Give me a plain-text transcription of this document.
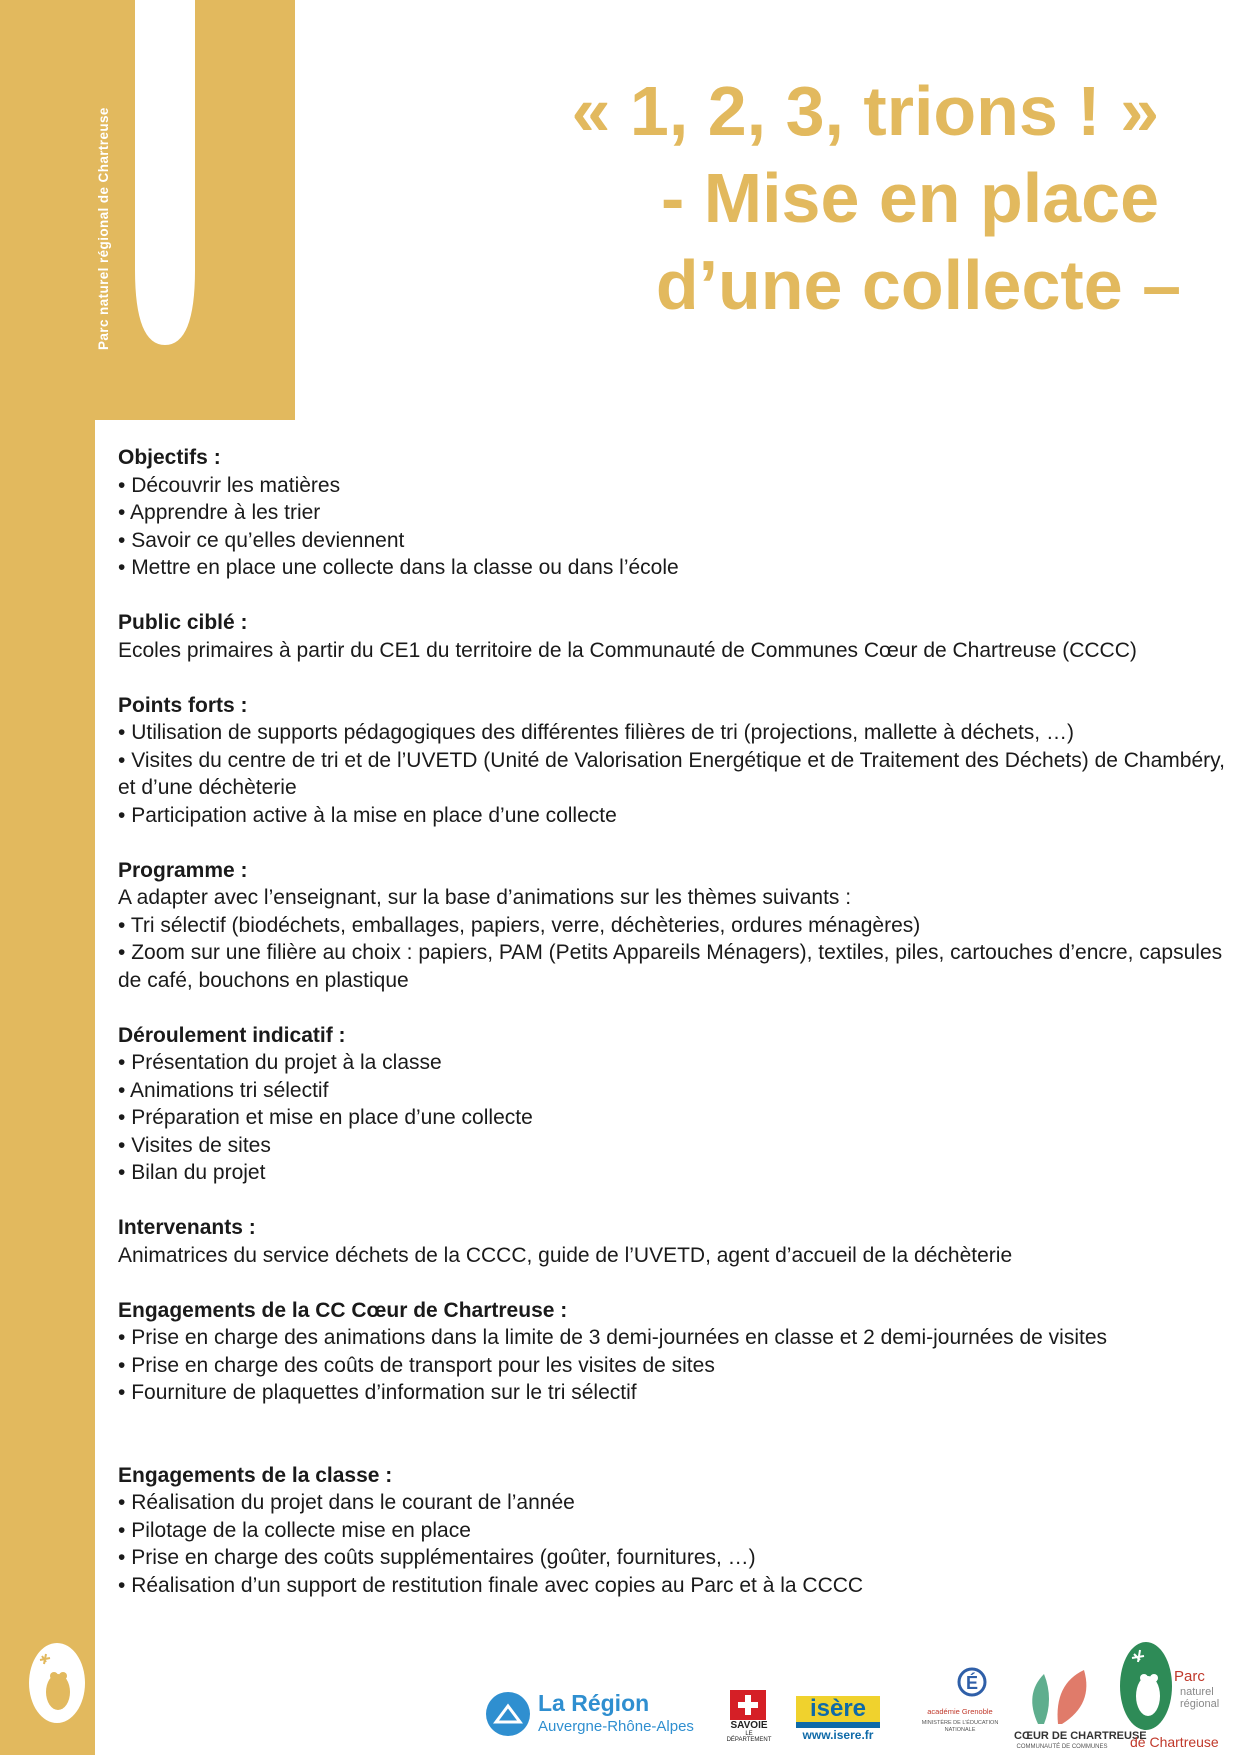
Parc naturel régional de Chartreuse	« 1, 2, 3, trions ! »
- Mise en place
d’une collecte –
Objectifs :
• Découvrir les matières
• Apprendre à les trier
• Savoir ce qu’elles deviennent
• Mettre en place une collecte dans la classe ou dans l’école
Public ciblé :

Ecoles primaires à partir du CE1 du territoire de la Communauté de Communes Cœur de Chartreuse (CCCC)

Points forts :
• Utilisation de supports pédagogiques des différentes filières de tri (projections, mallette à déchets, …)
• Visites du centre de tri et de l’UVETD (Unité de Valorisation Energétique et de Traitement des Déchets) de Chambéry, et d’une déchèterie
• Participation active à la mise en place d’une collecte
Programme :

A adapter avec l’enseignant, sur la base d’animations sur les thèmes suivants :

• Tri sélectif (biodéchets, emballages, papiers, verre, déchèteries, ordures ménagères)
• Zoom sur une filière au choix : papiers, PAM (Petits Appareils Ménagers), textiles, piles, cartouches d’encre, capsules de café, bouchons en plastique
Déroulement indicatif :
• Présentation du projet à la classe
• Animations tri sélectif
• Préparation et mise en place d’une collecte
• Visites de sites
• Bilan du projet
Intervenants :

Animatrices du service déchets de la CCCC, guide de l’UVETD, agent d’accueil de la déchèterie

Engagements de la CC Cœur de Chartreuse :
• Prise en charge des animations dans la limite de 3 demi-journées en classe et 2 demi-journées de visites
• Prise en charge des coûts de transport pour les visites de sites
• Fourniture de plaquettes d’information sur le tri sélectif
Engagements de la classe :
• Réalisation du projet dans le courant de l’année
• Pilotage de la collecte mise en place
• Prise en charge des coûts supplémentaires (goûter, fournitures, …)
• Réalisation d’un support de restitution finale avec copies au Parc et à la CCCC
La Région
Auvergne-Rhône-Alpes	SAVOIE
LE DÉPARTEMENT
isère
www.isere.fr
É
académie Grenoble
MINISTÈRE DE L’ÉDUCATION NATIONALE	CŒUR DE CHARTREUSE
COMMUNAUTÉ DE COMMUNES
Parc
naturel
régional
de Chartreuse
